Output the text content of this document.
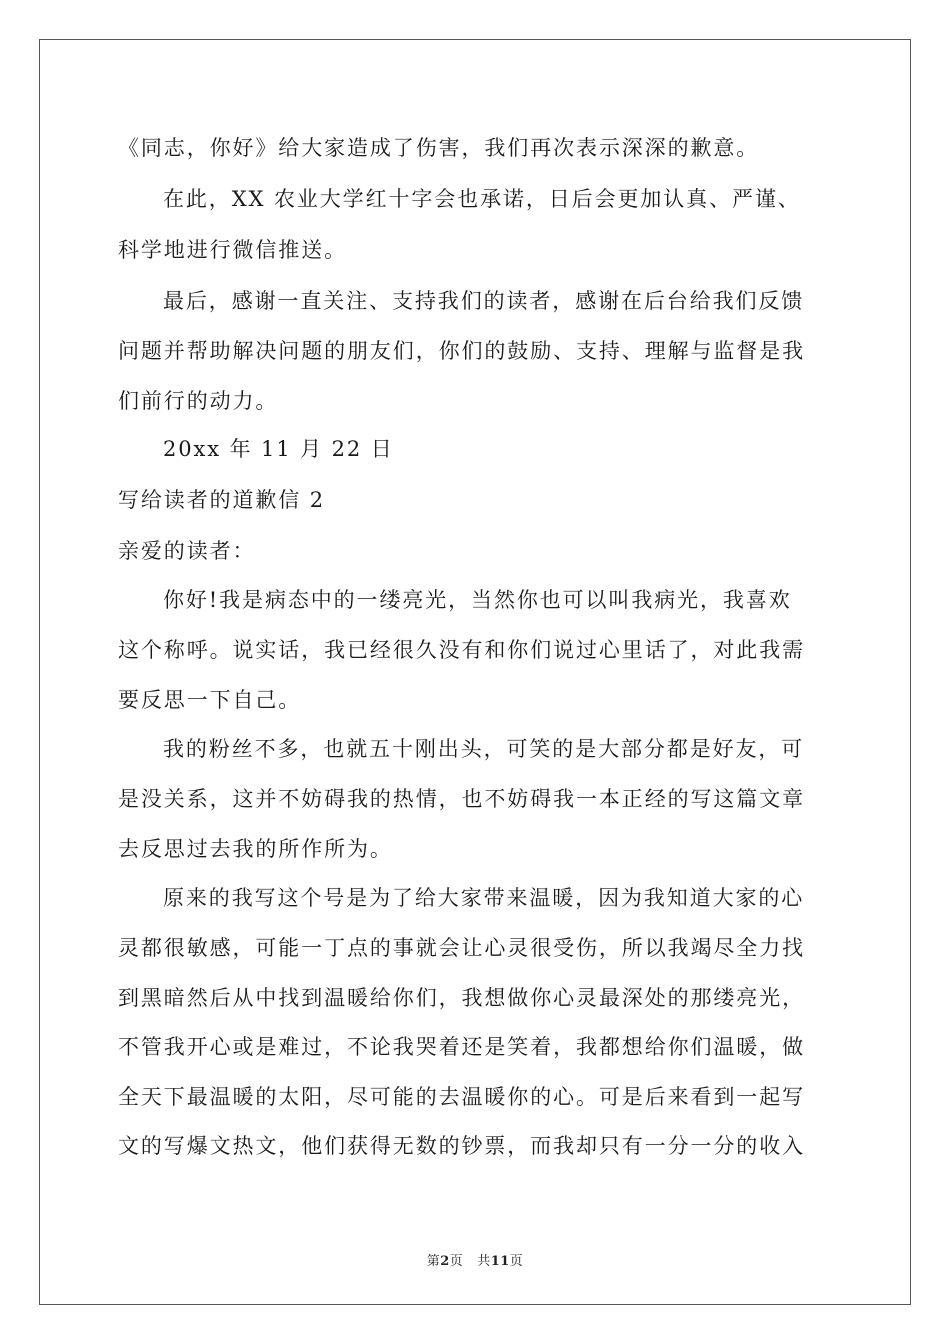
《同志，你好》给大家造成了伤害，我们再次表示深深的歉意。
在此，XX 农业大学红十字会也承诺，日后会更加认真、严谨、
科学地进行微信推送。
最后，感谢一直关注、支持我们的读者，感谢在后台给我们反馈
问题并帮助解决问题的朋友们，你们的鼓励、支持、理解与监督是我
们前行的动力。
20xx 年 11 月 22 日
写给读者的道歉信 2
亲爱的读者：
你好!我是病态中的一缕亮光，当然你也可以叫我病光，我喜欢
这个称呼。说实话，我已经很久没有和你们说过心里话了，对此我需
要反思一下自己。
我的粉丝不多，也就五十刚出头，可笑的是大部分都是好友，可
是没关系，这并不妨碍我的热情，也不妨碍我一本正经的写这篇文章
去反思过去我的所作所为。
原来的我写这个号是为了给大家带来温暖，因为我知道大家的心
灵都很敏感，可能一丁点的事就会让心灵很受伤，所以我竭尽全力找
到黑暗然后从中找到温暖给你们，我想做你心灵最深处的那缕亮光，
不管我开心或是难过，不论我哭着还是笑着，我都想给你们温暖，做
全天下最温暖的太阳，尽可能的去温暖你的心。可是后来看到一起写
文的写爆文热文，他们获得无数的钞票，而我却只有一分一分的收入
第2页 共11页
